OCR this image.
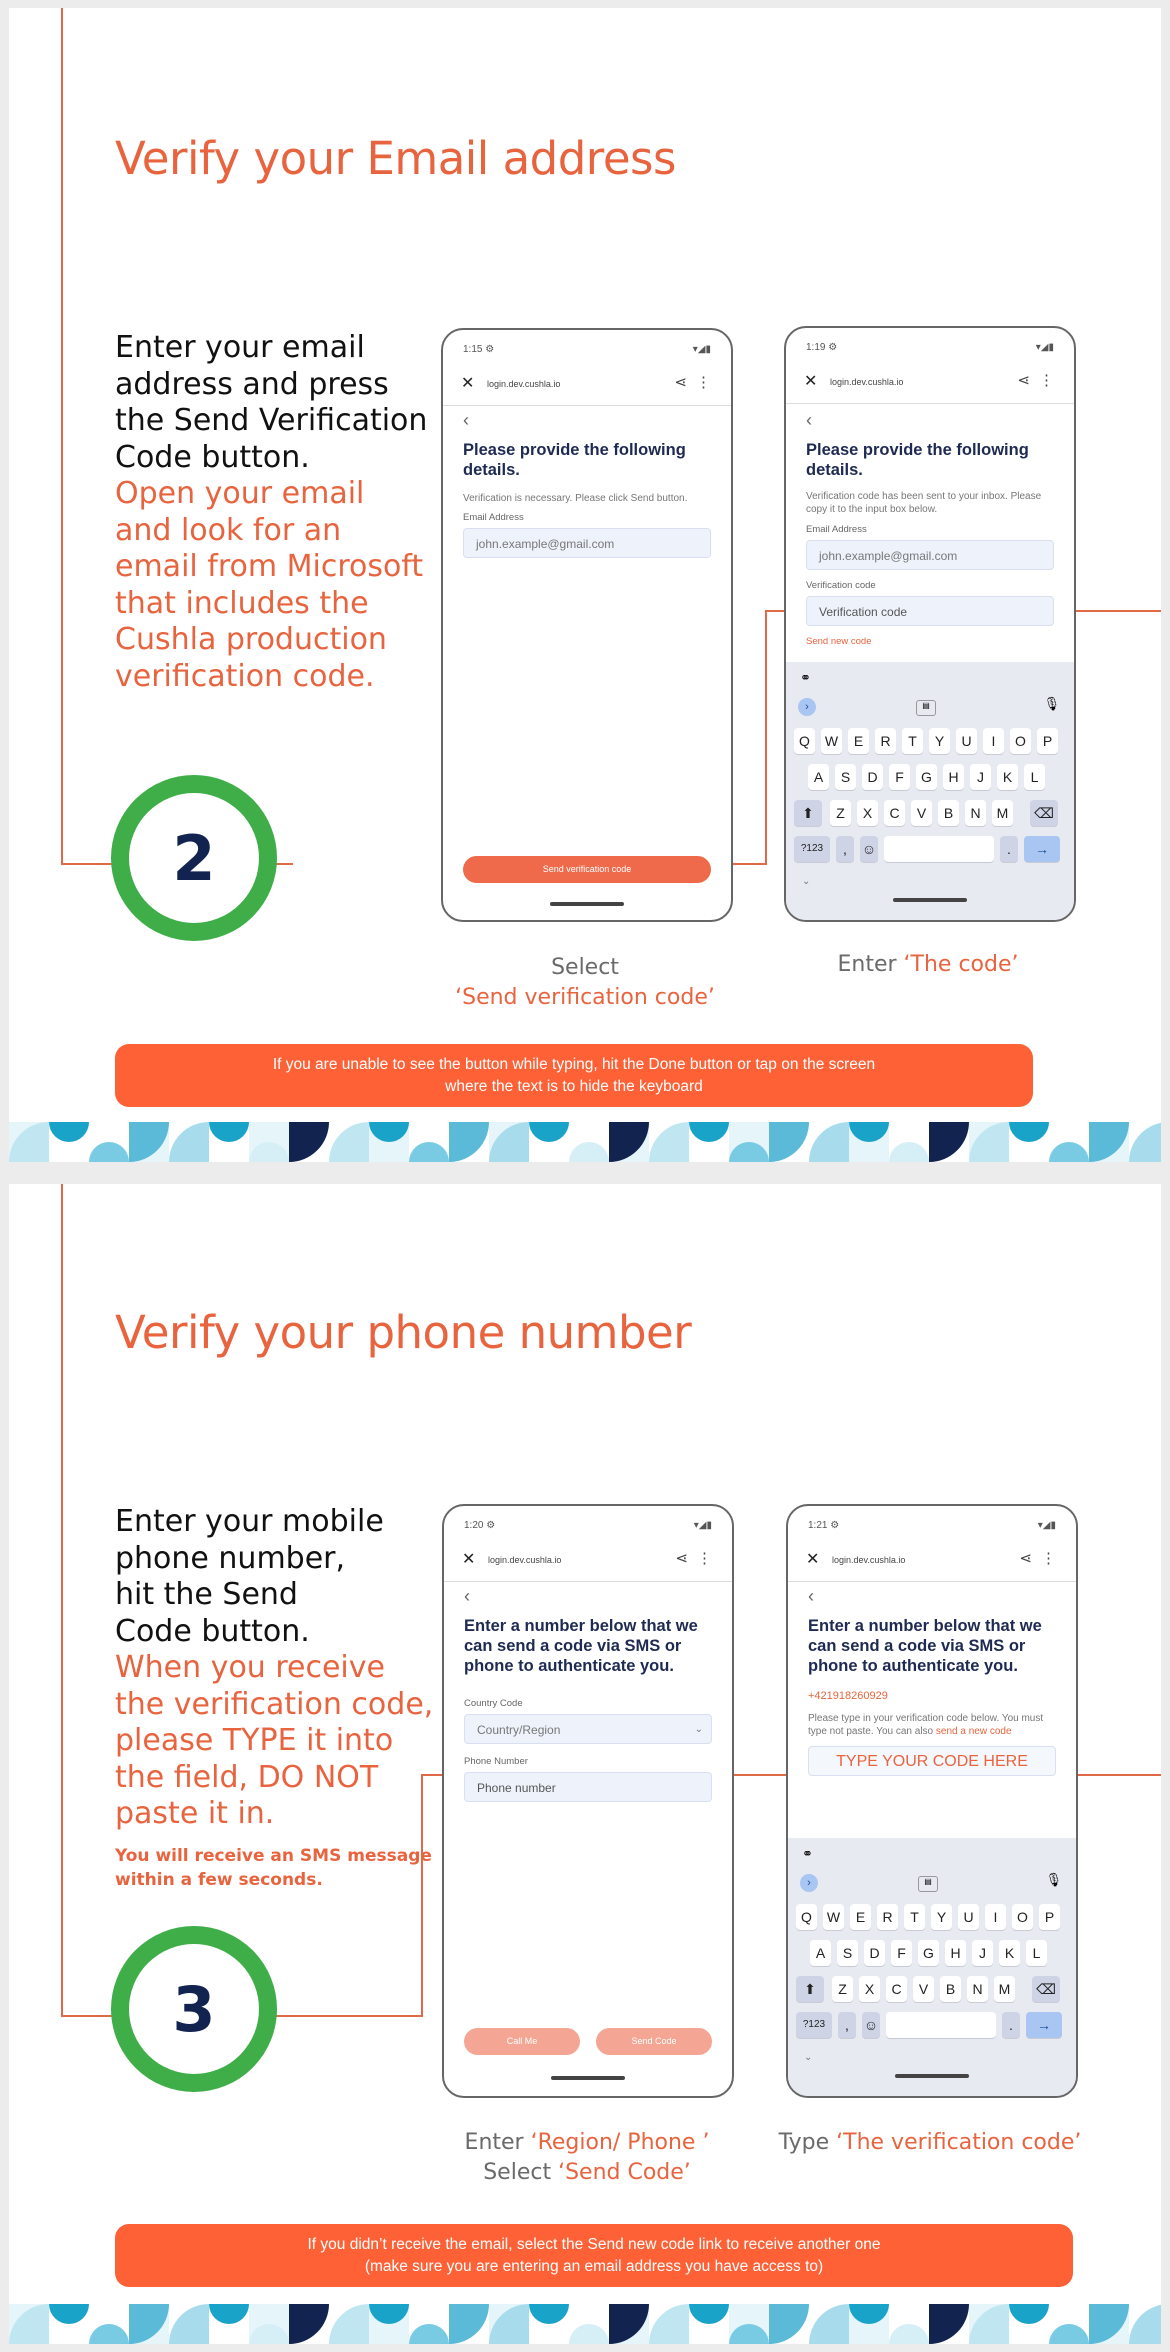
Verify your Email address
Enter your email
address and press
the Send Verification
Code button.
Open your email
and look for an
email from Microsoft
that includes the
Cushla production
verification code.
2
1:15 ⚙	▾◢▮
✕ login.dev.cushla.io	⋖ ⋮
‹
Please provide the following details.
Verification is necessary. Please click Send button.
Email Address
john.example@gmail.com
Send verification code
1:19 ⚙	▾◢▮
✕ login.dev.cushla.io	⋖ ⋮
‹
Please provide the following details.
Verification code has been sent to your inbox. Please copy it to the input box below.
Email Address
john.example@gmail.com
Verification code
Verification code
Send new code
⚭
›	▤	🎙
Q	W	E	R	T	Y	U	I	O	P
A	S	D	F	G	H	J	K	L
⬆	Z	X	C	V	B	N	M	⌫
?123	,	☺	.	→
⌄
Select
‘Send verification code’
Enter ‘The code’
If you are unable to see the button while typing, hit the Done button or tap on the screen
where the text is to hide the keyboard
Verify your phone number
Enter your mobile
phone number,
hit the Send
Code button.
When you receive
the verification code,
please TYPE it into
the field, DO NOT
paste it in.
You will receive an SMS message
within a few seconds.
3
1:20 ⚙	▾◢▮
✕ login.dev.cushla.io	⋖ ⋮
‹
Enter a number below that we can send a code via SMS or phone to authenticate you.
Country Code
Country/Region	⌄
Phone Number
Phone number
Call Me	Send Code
1:21 ⚙	▾◢▮
✕ login.dev.cushla.io	⋖ ⋮
‹
Enter a number below that we can send a code via SMS or phone to authenticate you.
+421918260929
Please type in your verification code below. You must type not paste. You can also send a new code
TYPE YOUR CODE HERE
⚭
›	▤	🎙
Q	W	E	R	T	Y	U	I	O	P
A	S	D	F	G	H	J	K	L
⬆	Z	X	C	V	B	N	M	⌫
?123	,	☺	.	→
⌄
Enter ‘Region/ Phone ’
Select ‘Send Code’
Type ‘The verification code’
If you didn’t receive the email, select the Send new code link to receive another one
(make sure you are entering an email address you have access to)
